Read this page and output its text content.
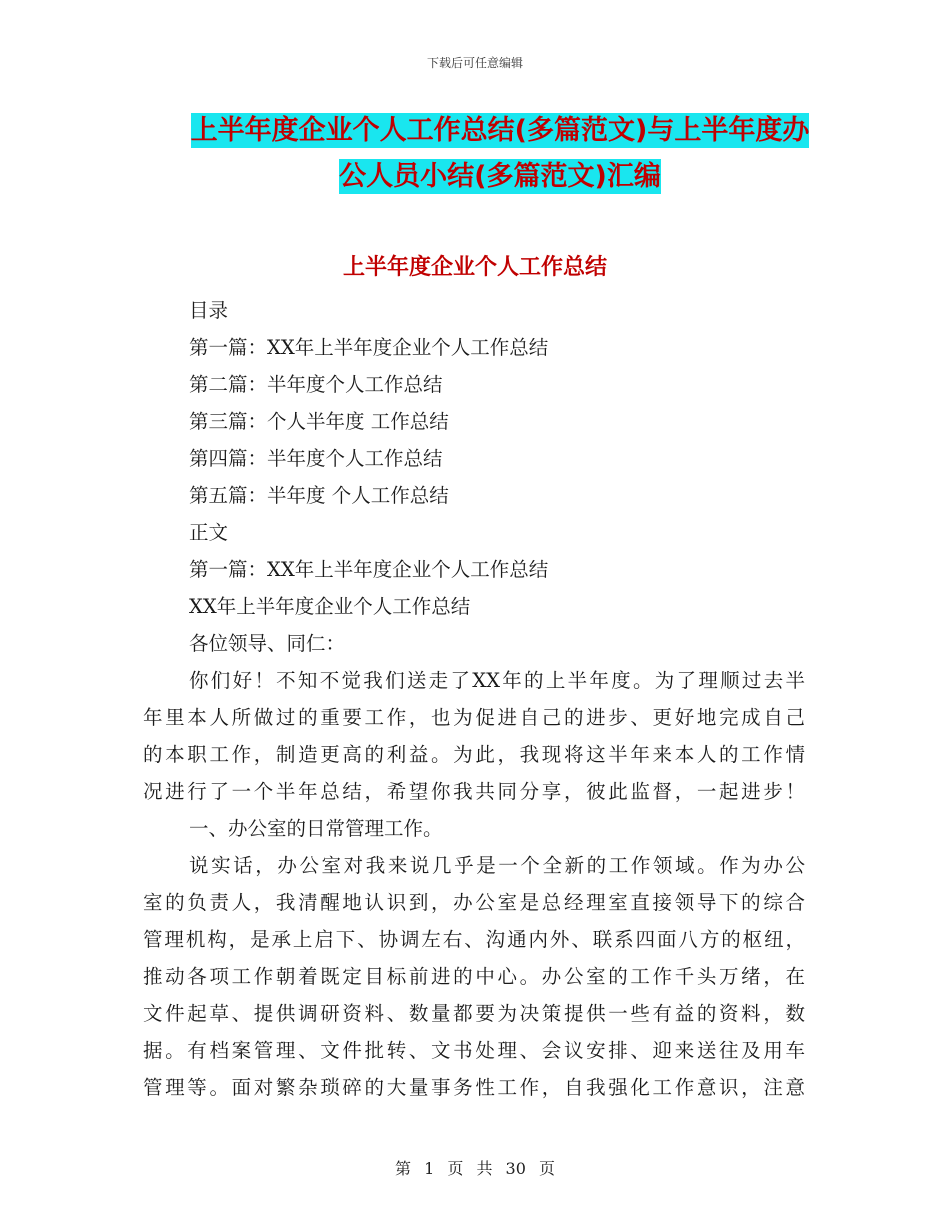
下载后可任意编辑
上半年度企业个人工作总结(多篇范文)与上半年度办
公人员小结(多篇范文)汇编
上半年度企业个人工作总结
目录
第一篇：XX年上半年度企业个人工作总结
第二篇：半年度个人工作总结
第三篇：个人半年度 工作总结
第四篇：半年度个人工作总结
第五篇：半年度 个人工作总结
正文
第一篇：XX年上半年度企业个人工作总结
XX年上半年度企业个人工作总结
各位领导、同仁：
你们好！不知不觉我们送走了XX年的上半年度。为了理顺过去半
年里本人所做过的重要工作，也为促进自己的进步、更好地完成自己
的本职工作，制造更高的利益。为此，我现将这半年来本人的工作情
况进行了一个半年总结，希望你我共同分享，彼此监督，一起进步！
一、办公室的日常管理工作。
说实话，办公室对我来说几乎是一个全新的工作领域。作为办公
室的负责人，我清醒地认识到，办公室是总经理室直接领导下的综合
管理机构，是承上启下、协调左右、沟通内外、联系四面八方的枢纽，
推动各项工作朝着既定目标前进的中心。办公室的工作千头万绪，在
文件起草、提供调研资料、数量都要为决策提供一些有益的资料，数
据。有档案管理、文件批转、文书处理、会议安排、迎来送往及用车
管理等。面对繁杂琐碎的大量事务性工作，自我强化工作意识，注意
第 1 页 共 30 页
